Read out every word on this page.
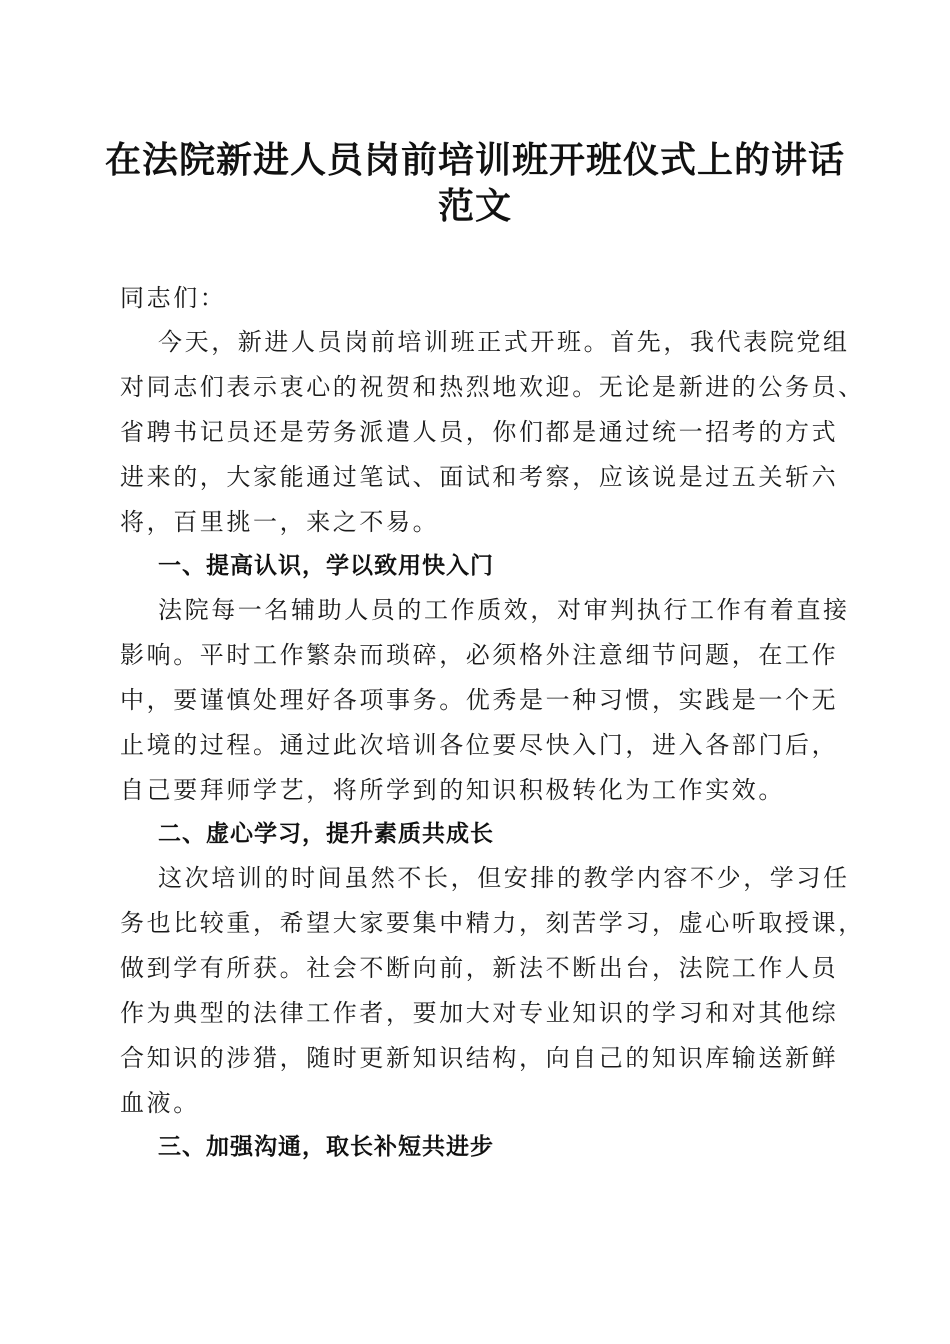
在法院新进人员岗前培训班开班仪式上的讲话
范文
同志们：
今天，新进人员岗前培训班正式开班。首先，我代表院党组
对同志们表示衷心的祝贺和热烈地欢迎。无论是新进的公务员、
省聘书记员还是劳务派遣人员，你们都是通过统一招考的方式
进来的，大家能通过笔试、面试和考察，应该说是过五关斩六
将，百里挑一，来之不易。
一、提高认识，学以致用快入门
法院每一名辅助人员的工作质效，对审判执行工作有着直接
影响。平时工作繁杂而琐碎，必须格外注意细节问题，在工作
中，要谨慎处理好各项事务。优秀是一种习惯，实践是一个无
止境的过程。通过此次培训各位要尽快入门，进入各部门后，
自己要拜师学艺，将所学到的知识积极转化为工作实效。
二、虚心学习，提升素质共成长
这次培训的时间虽然不长，但安排的教学内容不少，学习任
务也比较重，希望大家要集中精力，刻苦学习，虚心听取授课，
做到学有所获。社会不断向前，新法不断出台，法院工作人员
作为典型的法律工作者，要加大对专业知识的学习和对其他综
合知识的涉猎，随时更新知识结构，向自己的知识库输送新鲜
血液。
三、加强沟通，取长补短共进步
